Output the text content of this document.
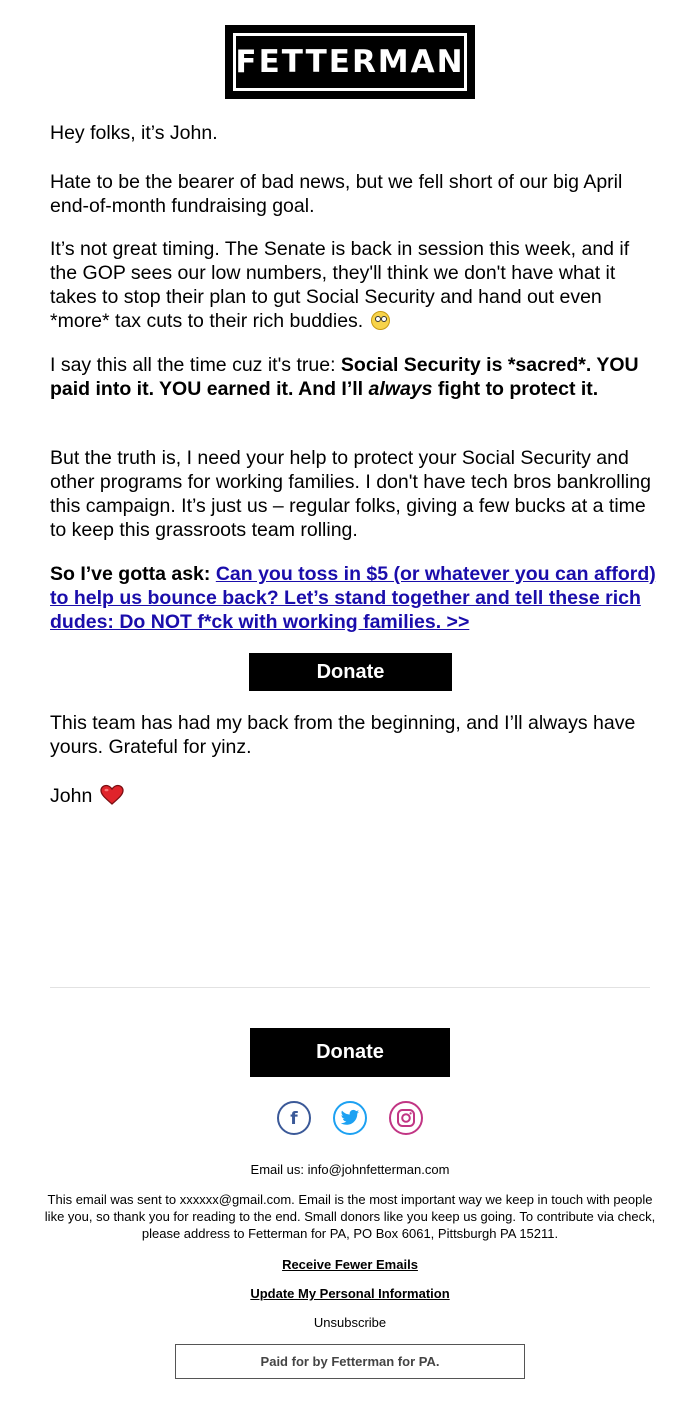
FETTERMAN

Hey folks, it’s John.

Hate to be the bearer of bad news, but we fell short of our big April end-of-month fundraising goal.

It’s not great timing. The Senate is back in session this week, and if the GOP sees our low numbers, they'll think we don't have what it takes to stop their plan to gut Social Security and hand out even *more* tax cuts to their rich buddies.

I say this all the time cuz it's true: Social Security is *sacred*. YOU paid into it. YOU earned it. And I’ll always fight to protect it.

But the truth is, I need your help to protect your Social Security and other programs for working families. I don't have tech bros bankrolling this campaign. It’s just us – regular folks, giving a few bucks at a time to keep this grassroots team rolling.

So I’ve gotta ask: Can you toss in $5 (or whatever you can afford) to help us bounce back? Let’s stand together and tell these rich dudes: Do NOT f*ck with working families. >>

Donate

This team has had my back from the beginning, and I’ll always have yours. Grateful for yinz.

John

Donate
f

Email us: info@johnfetterman.com

This email was sent to xxxxxx@gmail.com. Email is the most important way we keep in touch with people like you, so thank you for reading to the end. Small donors like you keep us going. To contribute via check, please address to Fetterman for PA, PO Box 6061, Pittsburgh PA 15211.

Receive Fewer Emails

Update My Personal Information

Unsubscribe

Paid for by Fetterman for PA.
